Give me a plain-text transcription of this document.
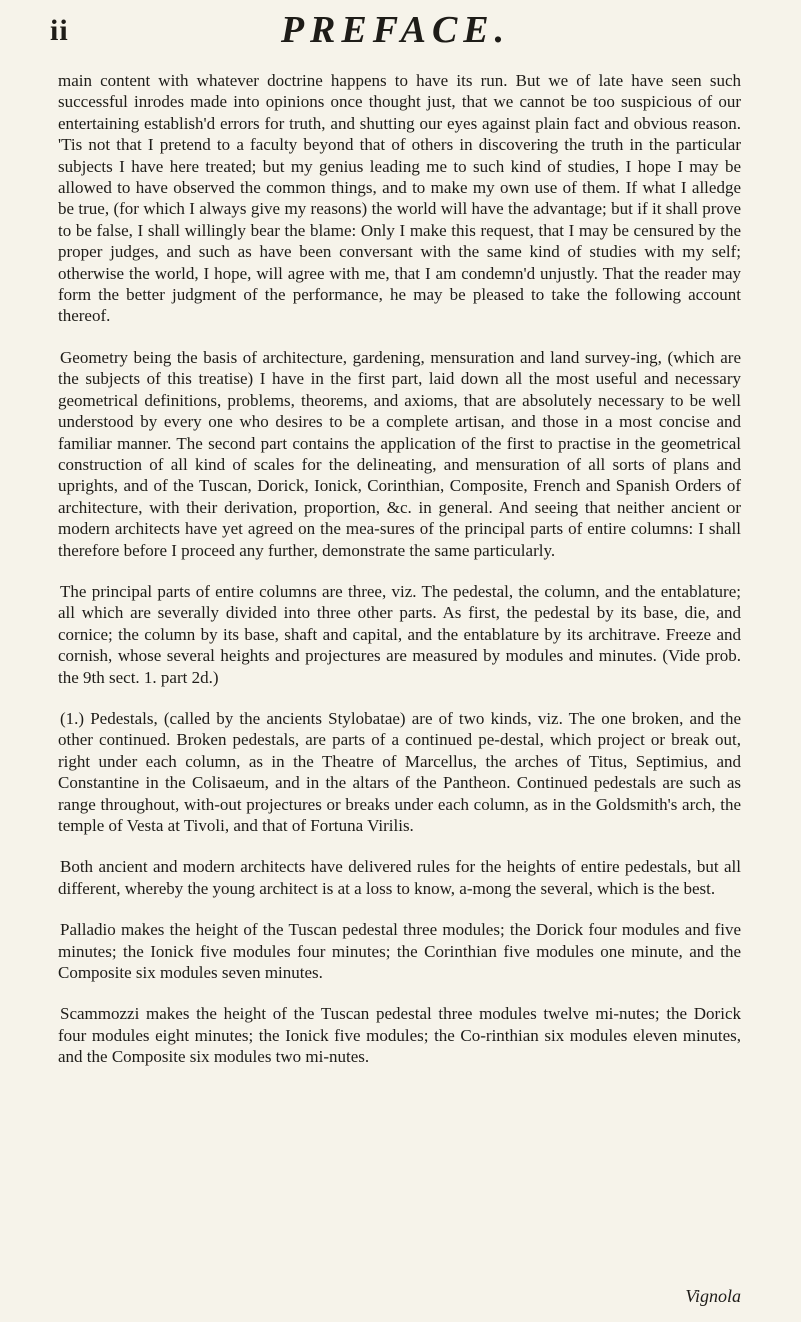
ii	PREFACE.

main content with whatever doctrine happens to have its run. But we of late have seen such successful inrodes made into opinions once thought just, that we cannot be too suspicious of our entertaining establish'd errors for truth, and shutting our eyes against plain fact and obvious reason. 'Tis not that I pretend to a faculty beyond that of others in discovering the truth in the particular subjects I have here treated; but my genius leading me to such kind of studies, I hope I may be allowed to have observed the common things, and to make my own use of them. If what I alledge be true, (for which I always give my reasons) the world will have the advantage; but if it shall prove to be false, I shall willingly bear the blame: Only I make this request, that I may be censured by the proper judges, and such as have been conversant with the same kind of studies with my self; otherwise the world, I hope, will agree with me, that I am condemn'd unjustly. That the reader may form the better judgment of the performance, he may be pleased to take the following account thereof.

Geometry being the basis of architecture, gardening, mensuration and land survey-ing, (which are the subjects of this treatise) I have in the first part, laid down all the most useful and necessary geometrical definitions, problems, theorems, and axioms, that are absolutely necessary to be well understood by every one who desires to be a complete artisan, and those in a most concise and familiar manner. The second part contains the application of the first to practise in the geometrical construction of all kind of scales for the delineating, and mensuration of all sorts of plans and uprights, and of the Tuscan, Dorick, Ionick, Corinthian, Composite, French and Spanish Orders of architecture, with their derivation, proportion, &c. in general. And seeing that neither ancient or modern architects have yet agreed on the mea-sures of the principal parts of entire columns: I shall therefore before I proceed any further, demonstrate the same particularly.

The principal parts of entire columns are three, viz. The pedestal, the column, and the entablature; all which are severally divided into three other parts. As first, the pedestal by its base, die, and cornice; the column by its base, shaft and capital, and the entablature by its architrave. Freeze and cornish, whose several heights and projectures are measured by modules and minutes. (Vide prob. the 9th sect. 1. part 2d.)

(1.) Pedestals, (called by the ancients Stylobatae) are of two kinds, viz. The one broken, and the other continued. Broken pedestals, are parts of a continued pe-destal, which project or break out, right under each column, as in the Theatre of Marcellus, the arches of Titus, Septimius, and Constantine in the Colisaeum, and in the altars of the Pantheon. Continued pedestals are such as range throughout, with-out projectures or breaks under each column, as in the Goldsmith's arch, the temple of Vesta at Tivoli, and that of Fortuna Virilis.

Both ancient and modern architects have delivered rules for the heights of entire pedestals, but all different, whereby the young architect is at a loss to know, a-mong the several, which is the best.

Palladio makes the height of the Tuscan pedestal three modules; the Dorick four modules and five minutes; the Ionick five modules four minutes; the Corinthian five modules one minute, and the Composite six modules seven minutes.

Scammozzi makes the height of the Tuscan pedestal three modules twelve mi-nutes; the Dorick four modules eight minutes; the Ionick five modules; the Co-rinthian six modules eleven minutes, and the Composite six modules two mi-nutes.

Vignola
